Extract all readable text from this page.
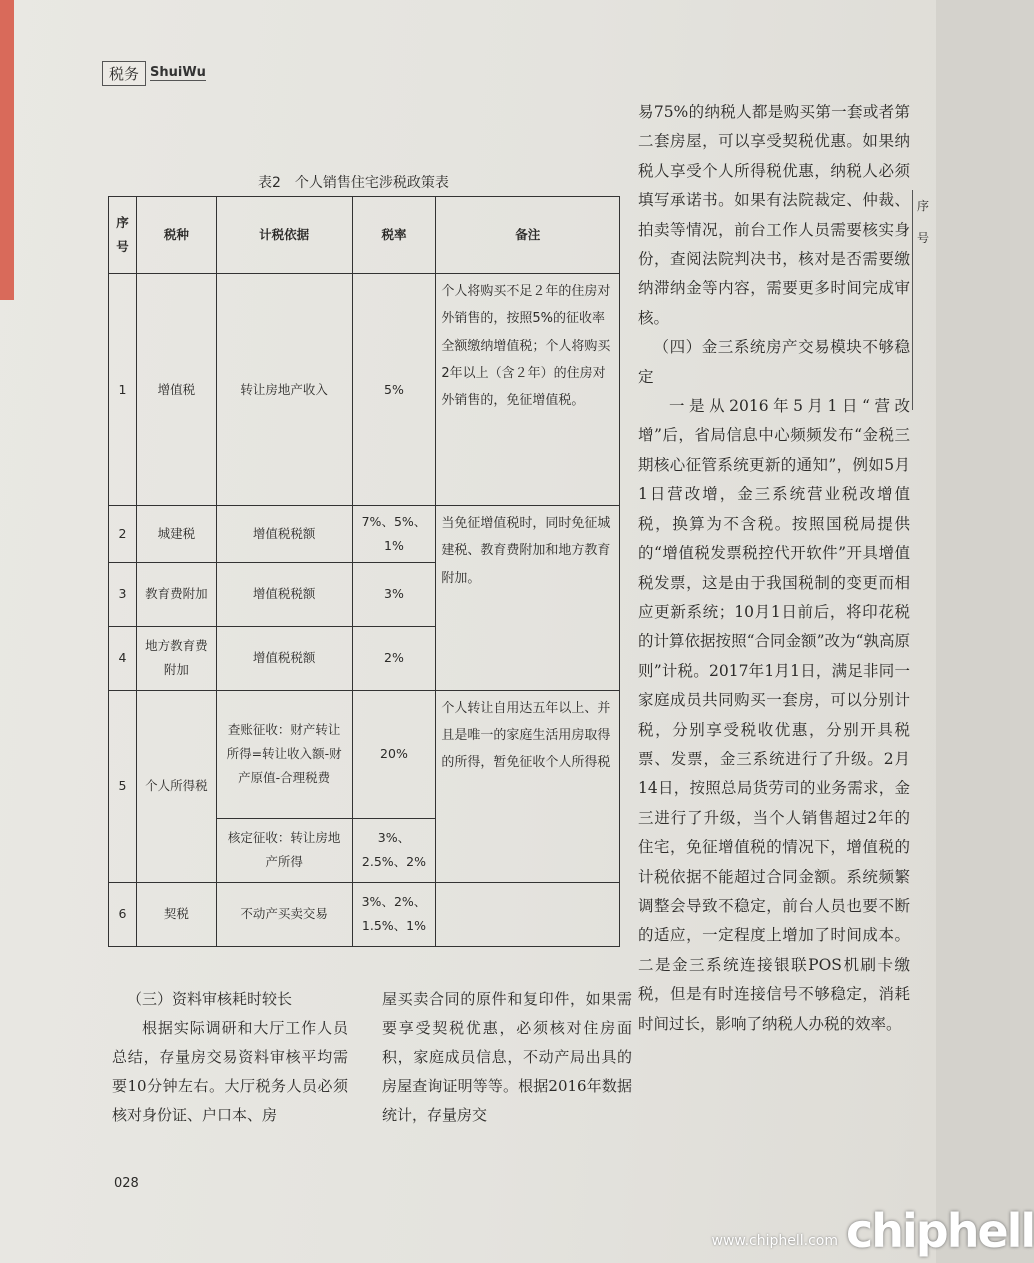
税务 ShuiWu
表2　个人销售住宅涉税政策表
序号	税种	计税依据	税率	备注
1	增值税	转让房地产收入	5%	个人将购买不足２年的住房对外销售的，按照5%的征收率全额缴纳增值税；个人将购买2年以上（含２年）的住房对外销售的，免征增值税。
2	城建税	增值税税额	7%、5%、1%	当免征增值税时，同时免征城建税、教育费附加和地方教育附加。
3	教育费附加	增值税税额	3%	
4	地方教育费附加	增值税税额	2%	
5	个人所得税	查账征收：财产转让所得=转让收入额-财产原值-合理税费	20%	个人转让自用达五年以上、并且是唯一的家庭生活用房取得的所得，暂免征收个人所得税
		核定征收：转让房地产所得	3%、2.5%、2%	
6	契税	不动产买卖交易	3%、2%、1.5%、1%	

（三）资料审核耗时较长

根据实际调研和大厅工作人员总结，存量房交易资料审核平均需要10分钟左右。大厅税务人员必须核对身份证、户口本、房

屋买卖合同的原件和复印件，如果需要享受契税优惠，必须核对住房面积，家庭成员信息，不动产局出具的房屋查询证明等等。根据2016年数据统计，存量房交

易75%的纳税人都是购买第一套或者第二套房屋，可以享受契税优惠。如果纳税人享受个人所得税优惠，纳税人必须填写承诺书。如果有法院裁定、仲裁、拍卖等情况，前台工作人员需要核实身份，查阅法院判决书，核对是否需要缴纳滞纳金等内容，需要更多时间完成审核。

（四）金三系统房产交易模块不够稳定

一是从2016年5月1日“营改增”后，省局信息中心频频发布“金税三期核心征管系统更新的通知”，例如5月1日营改增，金三系统营业税改增值税，换算为不含税。按照国税局提供的“增值税发票税控代开软件”开具增值税发票，这是由于我国税制的变更而相应更新系统；10月1日前后，将印花税的计算依据按照“合同金额”改为“孰高原则”计税。2017年1月1日，满足非同一家庭成员共同购买一套房，可以分别计税，分别享受税收优惠，分别开具税票、发票，金三系统进行了升级。2月14日，按照总局货劳司的业务需求，金三进行了升级，当个人销售超过2年的住宅，免征增值税的情况下，增值税的计税依据不能超过合同金额。系统频繁调整会导致不稳定，前台人员也要不断的适应，一定程度上增加了时间成本。二是金三系统连接银联POS机刷卡缴税，但是有时连接信号不够稳定，消耗时间过长，影响了纳税人办税的效率。

028
序
号
www.chiphell.com chiphell
